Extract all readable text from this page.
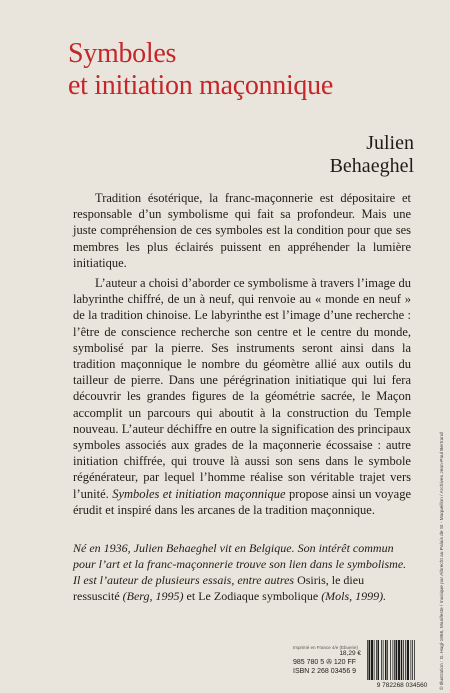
Symboles
et initiation maçonnique
Julien
Behaeghel

Tradition ésotérique, la franc-maçonnerie est dépositaire et responsable d’un symbolisme qui fait sa profondeur. Mais une juste compréhension de ces symboles est la condition pour que ses membres les plus éclairés puissent en appréhender la lumière initiatique.

L’auteur a choisi d’aborder ce symbolisme à travers l’image du labyrinthe chiffré, de un à neuf, qui renvoie au « monde en neuf » de la tradition chinoise. Le labyrinthe est l’image d’une recherche : l’être de conscience recherche son centre et le centre du monde, symbolisé par la pierre. Ses instruments seront ainsi dans la tradition maçonnique le nombre du géomètre allié aux outils du tailleur de pierre. Dans une pérégrination initiatique qui lui fera découvrir les grandes figures de la géométrie sacrée, le Maçon accomplit un parcours qui aboutit à la construction du Temple nouveau. L’auteur déchiffre en outre la signification des principaux symboles associés aux grades de la maçonnerie écossaise : autre initiation chiffrée, qui trouve là aussi son sens dans le symbole régénérateur, par lequel l’homme réalise son véritable trajet vers l’unité. Symboles et initiation maçonnique propose ainsi un voyage érudit et inspiré dans les arcanes de la tradition maçonnique.

Né en 1936, Julien Behaeghel vit en Belgique. Son intérêt commun pour l’art et la franc-maçonnerie trouve son lien dans le symbolisme. Il est l’auteur de plusieurs essais, entre autres Osiris, le dieu ressuscité (Berg, 1995) et Le Zodiaque symbolique (Mols, 1999).

Imprimé en France 4/e (Ebuerie)
18,29 €
985 780 5 ✇ 120 FF
ISBN 2 268 03456 9
9 782268 034560	© Illustration : G. Hugl-1966, Manifeste / musique par Albrecht au Palais de St - Maqueillon / Archives Jean-Paul Bertrand
